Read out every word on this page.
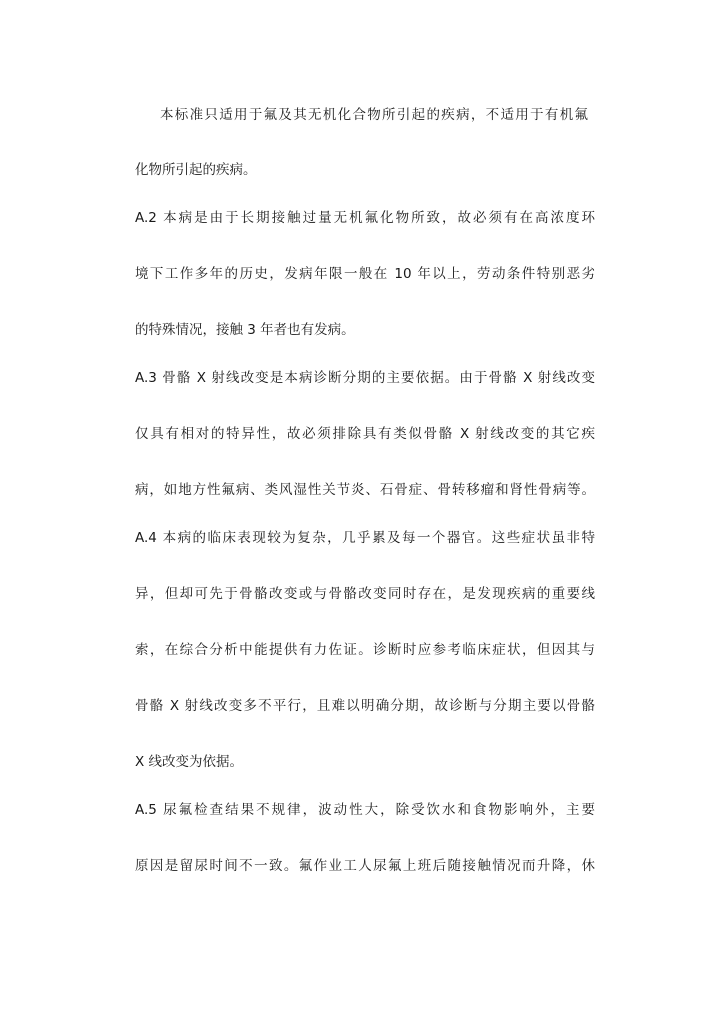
本标准只适用于氟及其无机化合物所引起的疾病，不适用于有机氟
化物所引起的疾病。
A.2 本病是由于长期接触过量无机氟化物所致，故必须有在高浓度环
境下工作多年的历史，发病年限一般在 10 年以上，劳动条件特别恶劣
的特殊情况，接触 3 年者也有发病。
A.3 骨骼 X 射线改变是本病诊断分期的主要依据。由于骨骼 X 射线改变
仅具有相对的特异性，故必须排除具有类似骨骼 X 射线改变的其它疾
病，如地方性氟病、类风湿性关节炎、石骨症、骨转移瘤和肾性骨病等。
A.4 本病的临床表现较为复杂，几乎累及每一个器官。这些症状虽非特
异，但却可先于骨骼改变或与骨骼改变同时存在，是发现疾病的重要线
索，在综合分析中能提供有力佐证。诊断时应参考临床症状，但因其与
骨骼 X 射线改变多不平行，且难以明确分期，故诊断与分期主要以骨骼
X 线改变为依据。
A.5 尿氟检查结果不规律，波动性大，除受饮水和食物影响外，主要
原因是留尿时间不一致。氟作业工人尿氟上班后随接触情况而升降，休
